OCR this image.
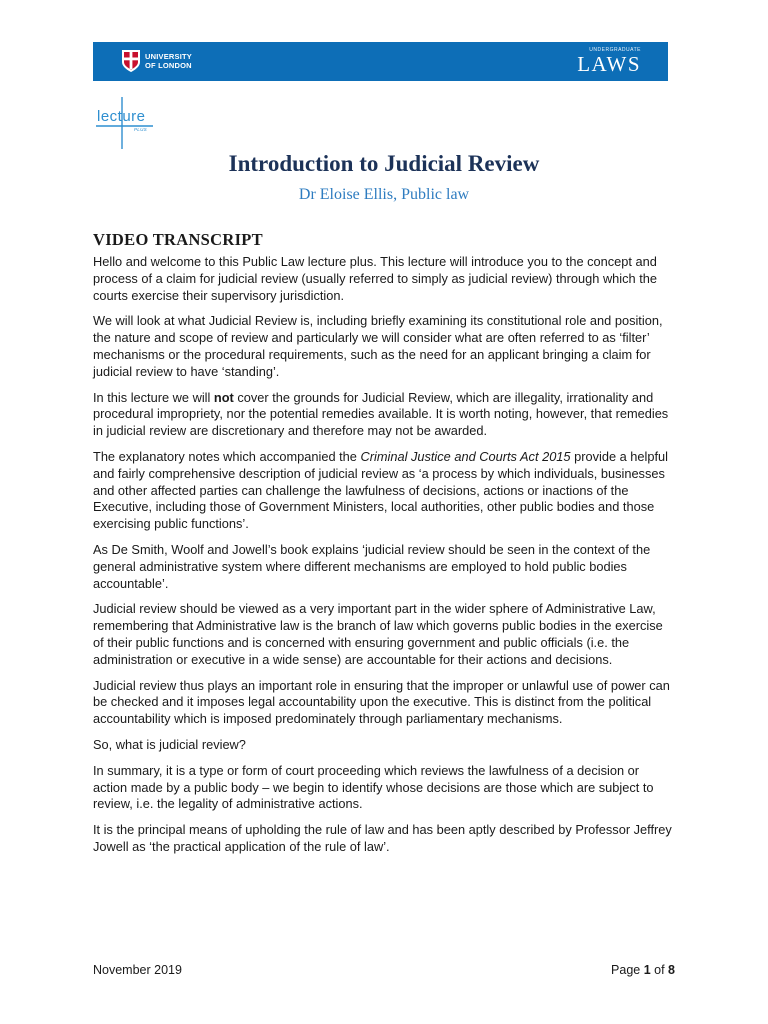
UNIVERSITY
OF LONDON
UNDERGRADUATE
LAWS
lecture
PLUS
Introduction to Judicial Review
Dr Eloise Ellis, Public law
VIDEO TRANSCRIPT

Hello and welcome to this Public Law lecture plus. This lecture will introduce you to the concept and process of a claim for judicial review (usually referred to simply as judicial review) through which the courts exercise their supervisory jurisdiction.

We will look at what Judicial Review is, including briefly examining its constitutional role and position, the nature and scope of review and particularly we will consider what are often referred to as ‘filter’ mechanisms or the procedural requirements, such as the need for an applicant bringing a claim for judicial review to have ‘standing’.

In this lecture we will not cover the grounds for Judicial Review, which are illegality, irrationality and procedural impropriety, nor the potential remedies available. It is worth noting, however, that remedies in judicial review are discretionary and therefore may not be awarded.

The explanatory notes which accompanied the Criminal Justice and Courts Act 2015 provide a helpful and fairly comprehensive description of judicial review as ‘a process by which individuals, businesses and other affected parties can challenge the lawfulness of decisions, actions or inactions of the Executive, including those of Government Ministers, local authorities, other public bodies and those exercising public functions’.

As De Smith, Woolf and Jowell’s book explains ‘judicial review should be seen in the context of the general administrative system where different mechanisms are employed to hold public bodies accountable’.

Judicial review should be viewed as a very important part in the wider sphere of Administrative Law, remembering that Administrative law is the branch of law which governs public bodies in the exercise of their public functions and is concerned with ensuring government and public officials (i.e. the administration or executive in a wide sense) are accountable for their actions and decisions.

Judicial review thus plays an important role in ensuring that the improper or unlawful use of power can be checked and it imposes legal accountability upon the executive. This is distinct from the political accountability which is imposed predominately through parliamentary mechanisms.

So, what is judicial review?

In summary, it is a type or form of court proceeding which reviews the lawfulness of a decision or action made by a public body – we begin to identify whose decisions are those which are subject to review, i.e. the legality of administrative actions.

It is the principal means of upholding the rule of law and has been aptly described by Professor Jeffrey Jowell as ‘the practical application of the rule of law’.

November 2019	Page 1 of 8
